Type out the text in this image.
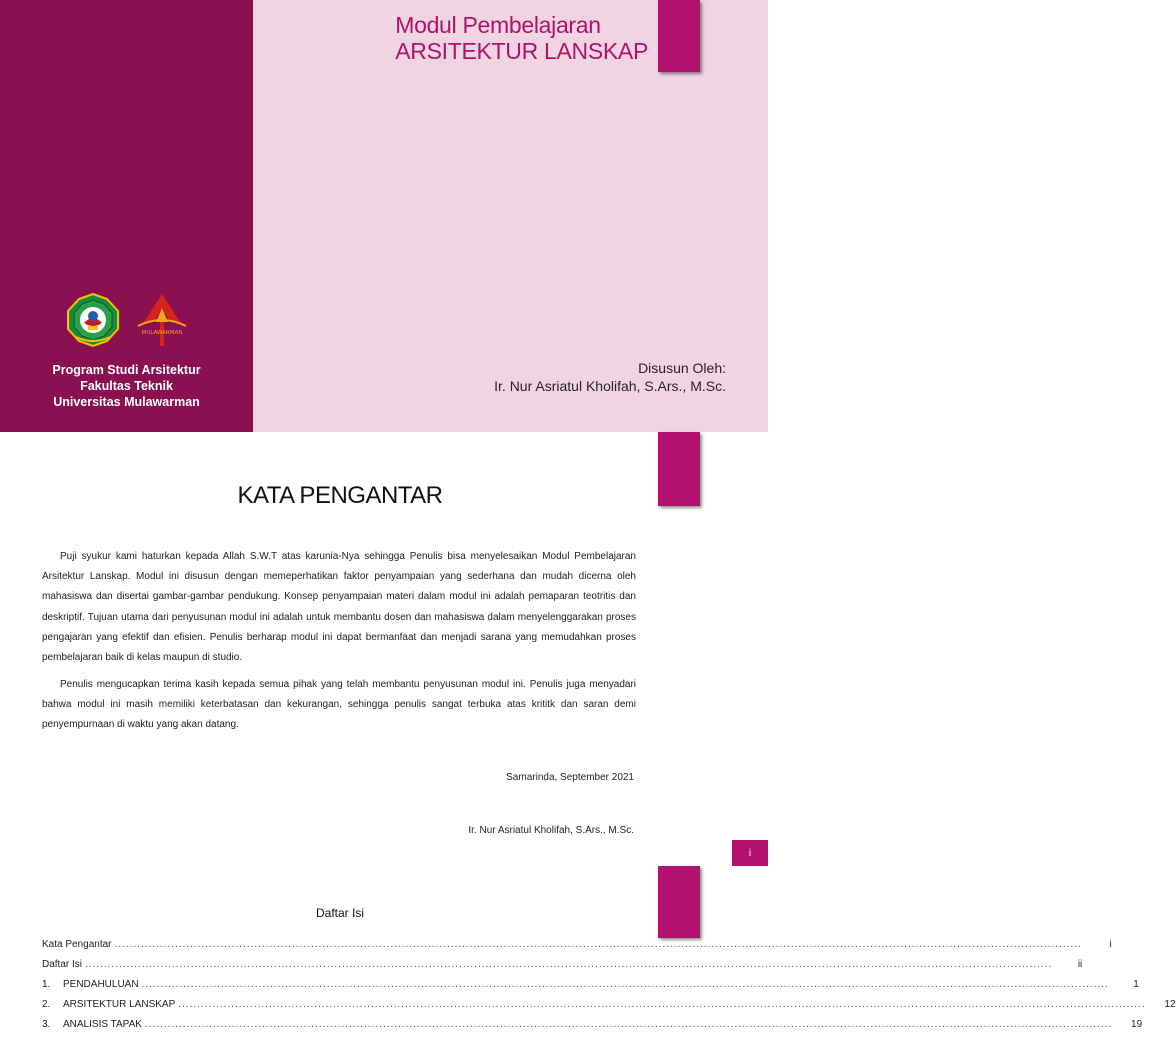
Modul Pembelajaran
ARSITEKTUR LANSKAP
MULAWARMAN
Program Studi Arsitektur
Fakultas Teknik
Universitas Mulawarman
Disusun Oleh:
Ir. Nur Asriatul Kholifah, S.Ars., M.Sc.
KATA PENGANTAR

Puji syukur kami haturkan kepada Allah S.W.T atas karunia-Nya sehingga Penulis bisa menyelesaikan Modul Pembelajaran Arsitektur Lanskap. Modul ini disusun dengan memeperhatikan faktor penyampaian yang sederhana dan mudah dicerna oleh mahasiswa dan disertai gambar-gambar pendukung. Konsep penyampaian materi dalam modul ini adalah pemaparan teotritis dan deskriptif. Tujuan utama dari penyusunan modul ini adalah untuk membantu dosen dan mahasiswa dalam menyelenggarakan proses pengajaran yang efektif dan efisien. Penulis berharap modul ini dapat bermanfaat dan menjadi sarana yang memudahkan proses pembelajaran baik di kelas maupun di studio.

Penulis mengucapkan terima kasih kepada semua pihak yang telah membantu penyusunan modul ini. Penulis juga menyadari bahwa modul ini masih memiliki keterbatasan dan kekurangan, sehingga penulis sangat terbuka atas krititk dan saran demi penyempurnaan di waktu yang akan datang.

Samarinda, September 2021
Ir. Nur Asriatul Kholifah, S.Ars., M.Sc.
i
Daftar Isi
Kata Pengantar .....	i
Daftar Isi .....	ii
1.	PENDAHULUAN .....	1
2.	ARSITEKTUR LANSKAP .....	12
3.	ANALISIS TAPAK .....	19
